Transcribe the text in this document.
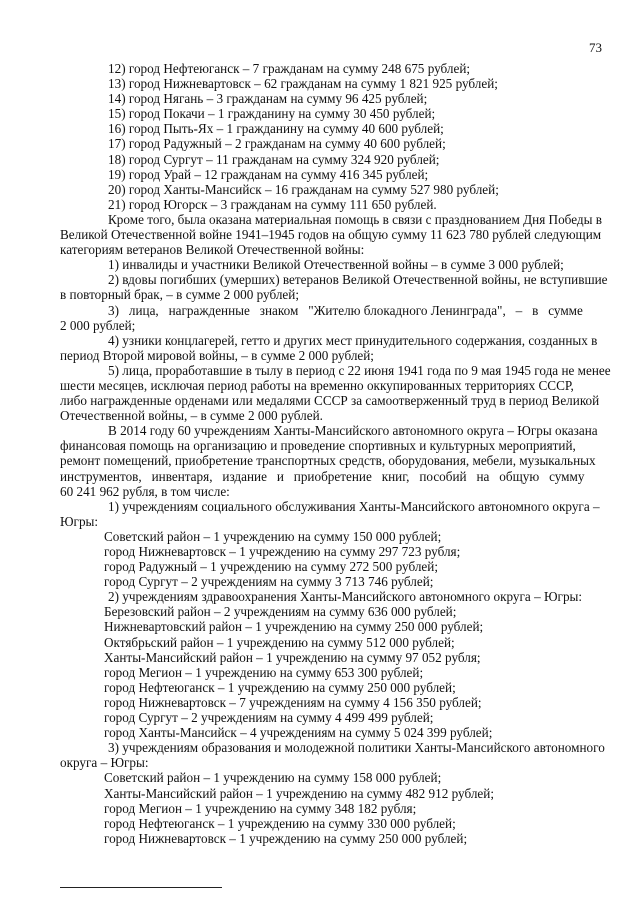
73
12) город Нефтеюганск – 7 гражданам на сумму 248 675 рублей;
13) город Нижневартовск – 62 гражданам на сумму 1 821 925 рублей;
14) город Нягань – 3 гражданам на сумму 96 425 рублей;
15) город Покачи – 1 гражданину на сумму 30 450 рублей;
16) город Пыть-Ях – 1 гражданину на сумму 40 600 рублей;
17) город Радужный – 2 гражданам на сумму 40 600 рублей;
18) город Сургут – 11 гражданам на сумму 324 920 рублей;
19) город Урай – 12 гражданам на сумму 416 345 рублей;
20) город Ханты-Мансийск – 16 гражданам на сумму 527 980 рублей;
21) город Югорск – 3 гражданам на сумму 111 650 рублей.
Кроме того, была оказана материальная помощь в связи с празднованием Дня Победы в
Великой Отечественной войне 1941–1945 годов на общую сумму 11 623 780 рублей следующим
категориям ветеранов Великой Отечественной войны:
1) инвалиды и участники Великой Отечественной войны – в сумме 3 000 рублей;
2) вдовы погибших (умерших) ветеранов Великой Отечественной войны, не вступившие
в повторный брак, – в сумме 2 000 рублей;
3)   лица,   награжденные   знаком   "Жителю блокадного Ленинграда",   –   в   сумме
2 000 рублей;
4) узники концлагерей, гетто и других мест принудительного содержания, созданных в
период Второй мировой войны, – в сумме 2 000 рублей;
5) лица, проработавшие в тылу в период с 22 июня 1941 года по 9 мая 1945 года не менее
шести месяцев, исключая период работы на временно оккупированных территориях СССР,
либо награжденные орденами или медалями СССР за самоотверженный труд в период Великой
Отечественной войны, – в сумме 2 000 рублей.
В 2014 году 60 учреждениям Ханты-Мансийского автономного округа – Югры оказана
финансовая помощь на организацию и проведение спортивных и культурных мероприятий,
ремонт помещений, приобретение транспортных средств, оборудования, мебели, музыкальных
инструментов,   инвентаря,   издание   и   приобретение   книг,   пособий   на   общую   сумму
60 241 962 рубля, в том числе:
1) учреждениям социального обслуживания Ханты-Мансийского автономного округа –
Югры:
Советский район – 1 учреждению на сумму 150 000 рублей;
город Нижневартовск – 1 учреждению на сумму 297 723 рубля;
город Радужный – 1 учреждению на сумму 272 500 рублей;
город Сургут – 2 учреждениям на сумму 3 713 746 рублей;
2) учреждениям здравоохранения Ханты-Мансийского автономного округа – Югры:
Березовский район – 2 учреждениям на сумму 636 000 рублей;
Нижневартовский район – 1 учреждению на сумму 250 000 рублей;
Октябрьский район – 1 учреждению на сумму 512 000 рублей;
Ханты-Мансийский район – 1 учреждению на сумму 97 052 рубля;
город Мегион – 1 учреждению на сумму 653 300 рублей;
город Нефтеюганск – 1 учреждению на сумму 250 000 рублей;
город Нижневартовск – 7 учреждениям на сумму 4 156 350 рублей;
город Сургут – 2 учреждениям на сумму 4 499 499 рублей;
город Ханты-Мансийск – 4 учреждениям на сумму 5 024 399 рублей;
3) учреждениям образования и молодежной политики Ханты-Мансийского автономного
округа – Югры:
Советский район – 1 учреждению на сумму 158 000 рублей;
Ханты-Мансийский район – 1 учреждению на сумму 482 912 рублей;
город Мегион – 1 учреждению на сумму 348 182 рубля;
город Нефтеюганск – 1 учреждению на сумму 330 000 рублей;
город Нижневартовск – 1 учреждению на сумму 250 000 рублей;
